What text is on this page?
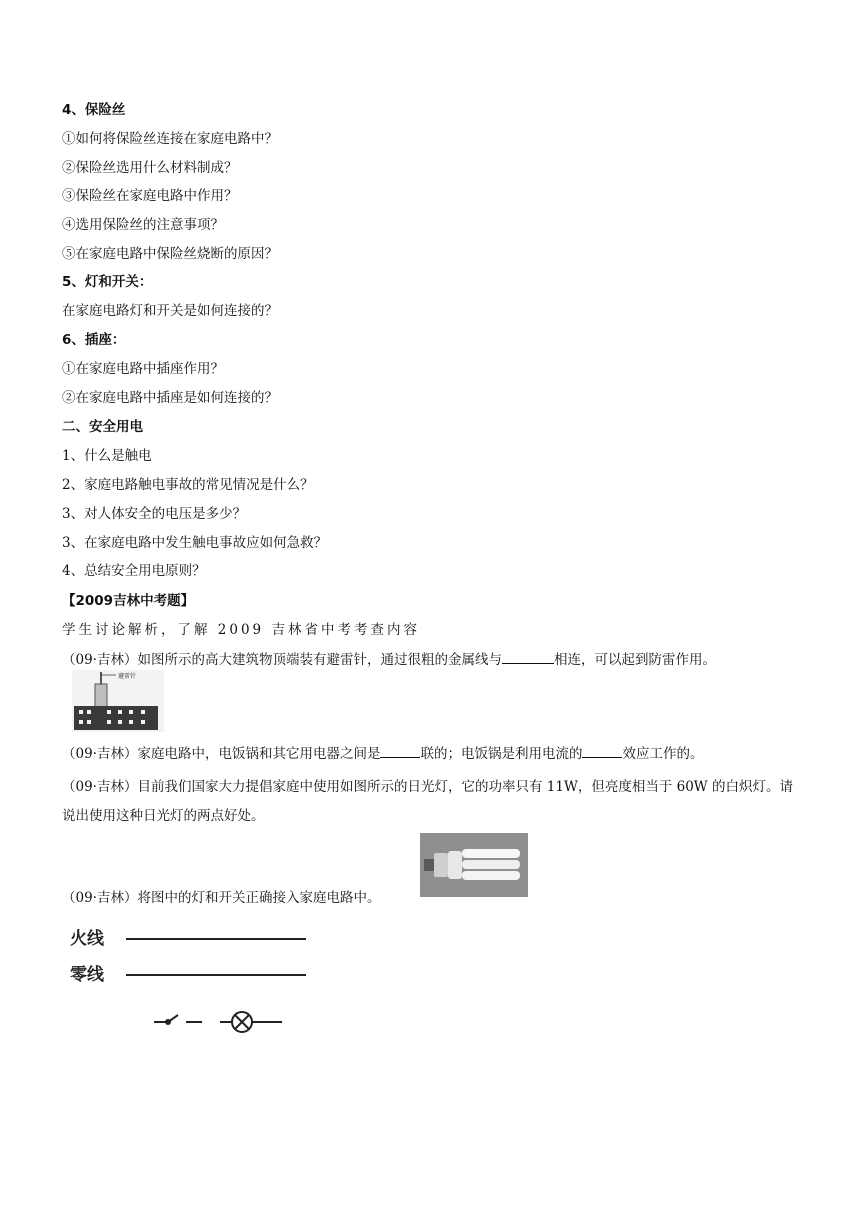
4、保险丝
①如何将保险丝连接在家庭电路中？
②保险丝选用什么材料制成？
③保险丝在家庭电路中作用？
④选用保险丝的注意事项？
⑤在家庭电路中保险丝烧断的原因？
5、灯和开关：
在家庭电路灯和开关是如何连接的？
6、插座：
①在家庭电路中插座作用？
②在家庭电路中插座是如何连接的？
二、安全用电
1、什么是触电
2、家庭电路触电事故的常见情况是什么？
3、对人体安全的电压是多少？
3、在家庭电路中发生触电事故应如何急救？
4、总结安全用电原则？
【2009吉林中考题】
学生讨论解析，了解 2009 吉林省中考考查内容
（09·吉林）如图所示的高大建筑物顶端装有避雷针，通过很粗的金属线与	相连，可以起到防雷作用。
避雷针
（09·吉林）家庭电路中，电饭锅和其它用电器之间是	联的；电饭锅是利用电流的	效应工作的。
（09·吉林）目前我们国家大力提倡家庭中使用如图所示的日光灯，它的功率只有 11W，但亮度相当于 60W 的白炽灯。请说出使用这种日光灯的两点好处。
（09·吉林）将图中的灯和开关正确接入家庭电路中。
火线
零线
